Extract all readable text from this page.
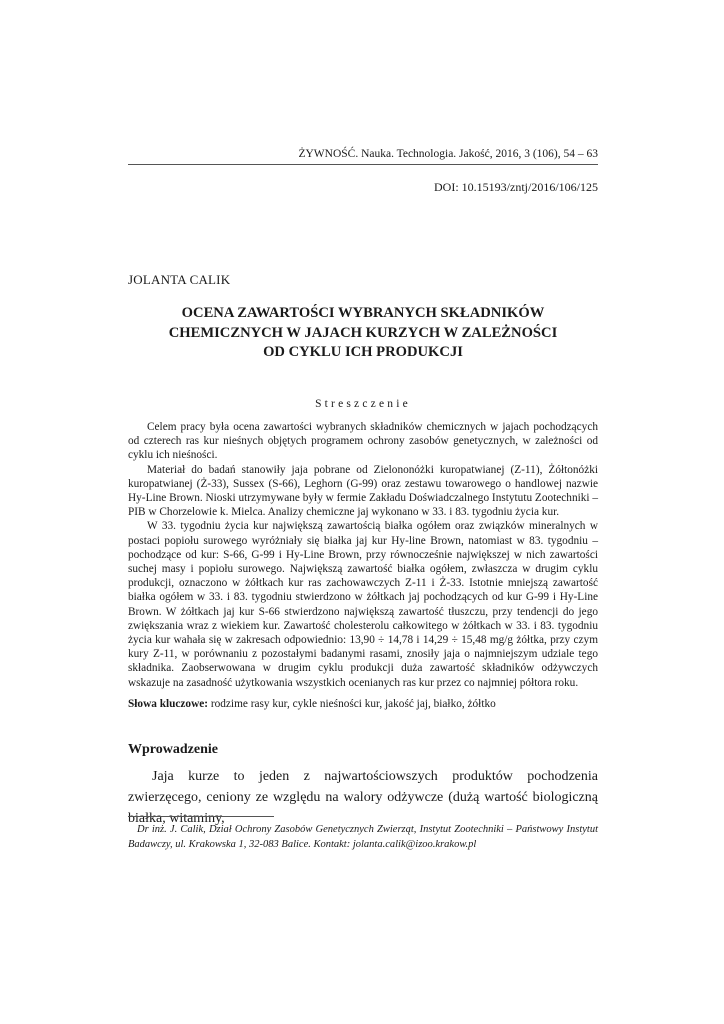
ŻYWNOŚĆ. Nauka. Technologia. Jakość, 2016, 3 (106), 54 – 63
DOI: 10.15193/zntj/2016/106/125
JOLANTA CALIK
OCENA ZAWARTOŚCI WYBRANYCH SKŁADNIKÓW
CHEMICZNYCH W JAJACH KURZYCH W ZALEŻNOŚCI
OD CYKLU ICH PRODUKCJI
Streszczenie

Celem pracy była ocena zawartości wybranych składników chemicznych w jajach pochodzących od czterech ras kur nieśnych objętych programem ochrony zasobów genetycznych, w zależności od cyklu ich nieśności.

Materiał do badań stanowiły jaja pobrane od Zielononóżki kuropatwianej (Z-11), Żółtonóżki kuropatwianej (Ż-33), Sussex (S-66), Leghorn (G-99) oraz zestawu towarowego o handlowej nazwie Hy-Line Brown. Nioski utrzymywane były w fermie Zakładu Doświadczalnego Instytutu Zootechniki – PIB w Chorzelowie k. Mielca. Analizy chemiczne jaj wykonano w 33. i 83. tygodniu życia kur.

W 33. tygodniu życia kur największą zawartością białka ogółem oraz związków mineralnych w postaci popiołu surowego wyróżniały się białka jaj kur Hy-line Brown, natomiast w 83. tygodniu – pochodzące od kur: S-66, G-99 i Hy-Line Brown, przy równocześnie największej w nich zawartości suchej masy i popiołu surowego. Największą zawartość białka ogółem, zwłaszcza w drugim cyklu produkcji, oznaczono w żółtkach kur ras zachowawczych Z-11 i Ż-33. Istotnie mniejszą zawartość białka ogółem w 33. i 83. tygodniu stwierdzono w żółtkach jaj pochodzących od kur G-99 i Hy-Line Brown. W żółtkach jaj kur S-66 stwierdzono największą zawartość tłuszczu, przy tendencji do jego zwiększania wraz z wiekiem kur. Zawartość cholesterolu całkowitego w żółtkach w 33. i 83. tygodniu życia kur wahała się w zakresach odpowiednio: 13,90 ÷ 14,78 i 14,29 ÷ 15,48 mg/g żółtka, przy czym kury Z-11, w porównaniu z pozostałymi badanymi rasami, znosiły jaja o najmniejszym udziale tego składnika. Zaobserwowana w drugim cyklu produkcji duża zawartość składników odżywczych wskazuje na zasadność użytkowania wszystkich ocenianych ras kur przez co najmniej półtora roku.

Słowa kluczowe: rodzime rasy kur, cykle nieśności kur, jakość jaj, białko, żółtko
Wprowadzenie

Jaja kurze to jeden z najwartościowszych produktów pochodzenia zwierzęcego, ceniony ze względu na walory odżywcze (dużą wartość biologiczną białka, witaminy,

Dr inż. J. Calik, Dział Ochrony Zasobów Genetycznych Zwierząt, Instytut Zootechniki – Państwowy Instytut Badawczy, ul. Krakowska 1, 32-083 Balice. Kontakt: jolanta.calik@izoo.krakow.pl
